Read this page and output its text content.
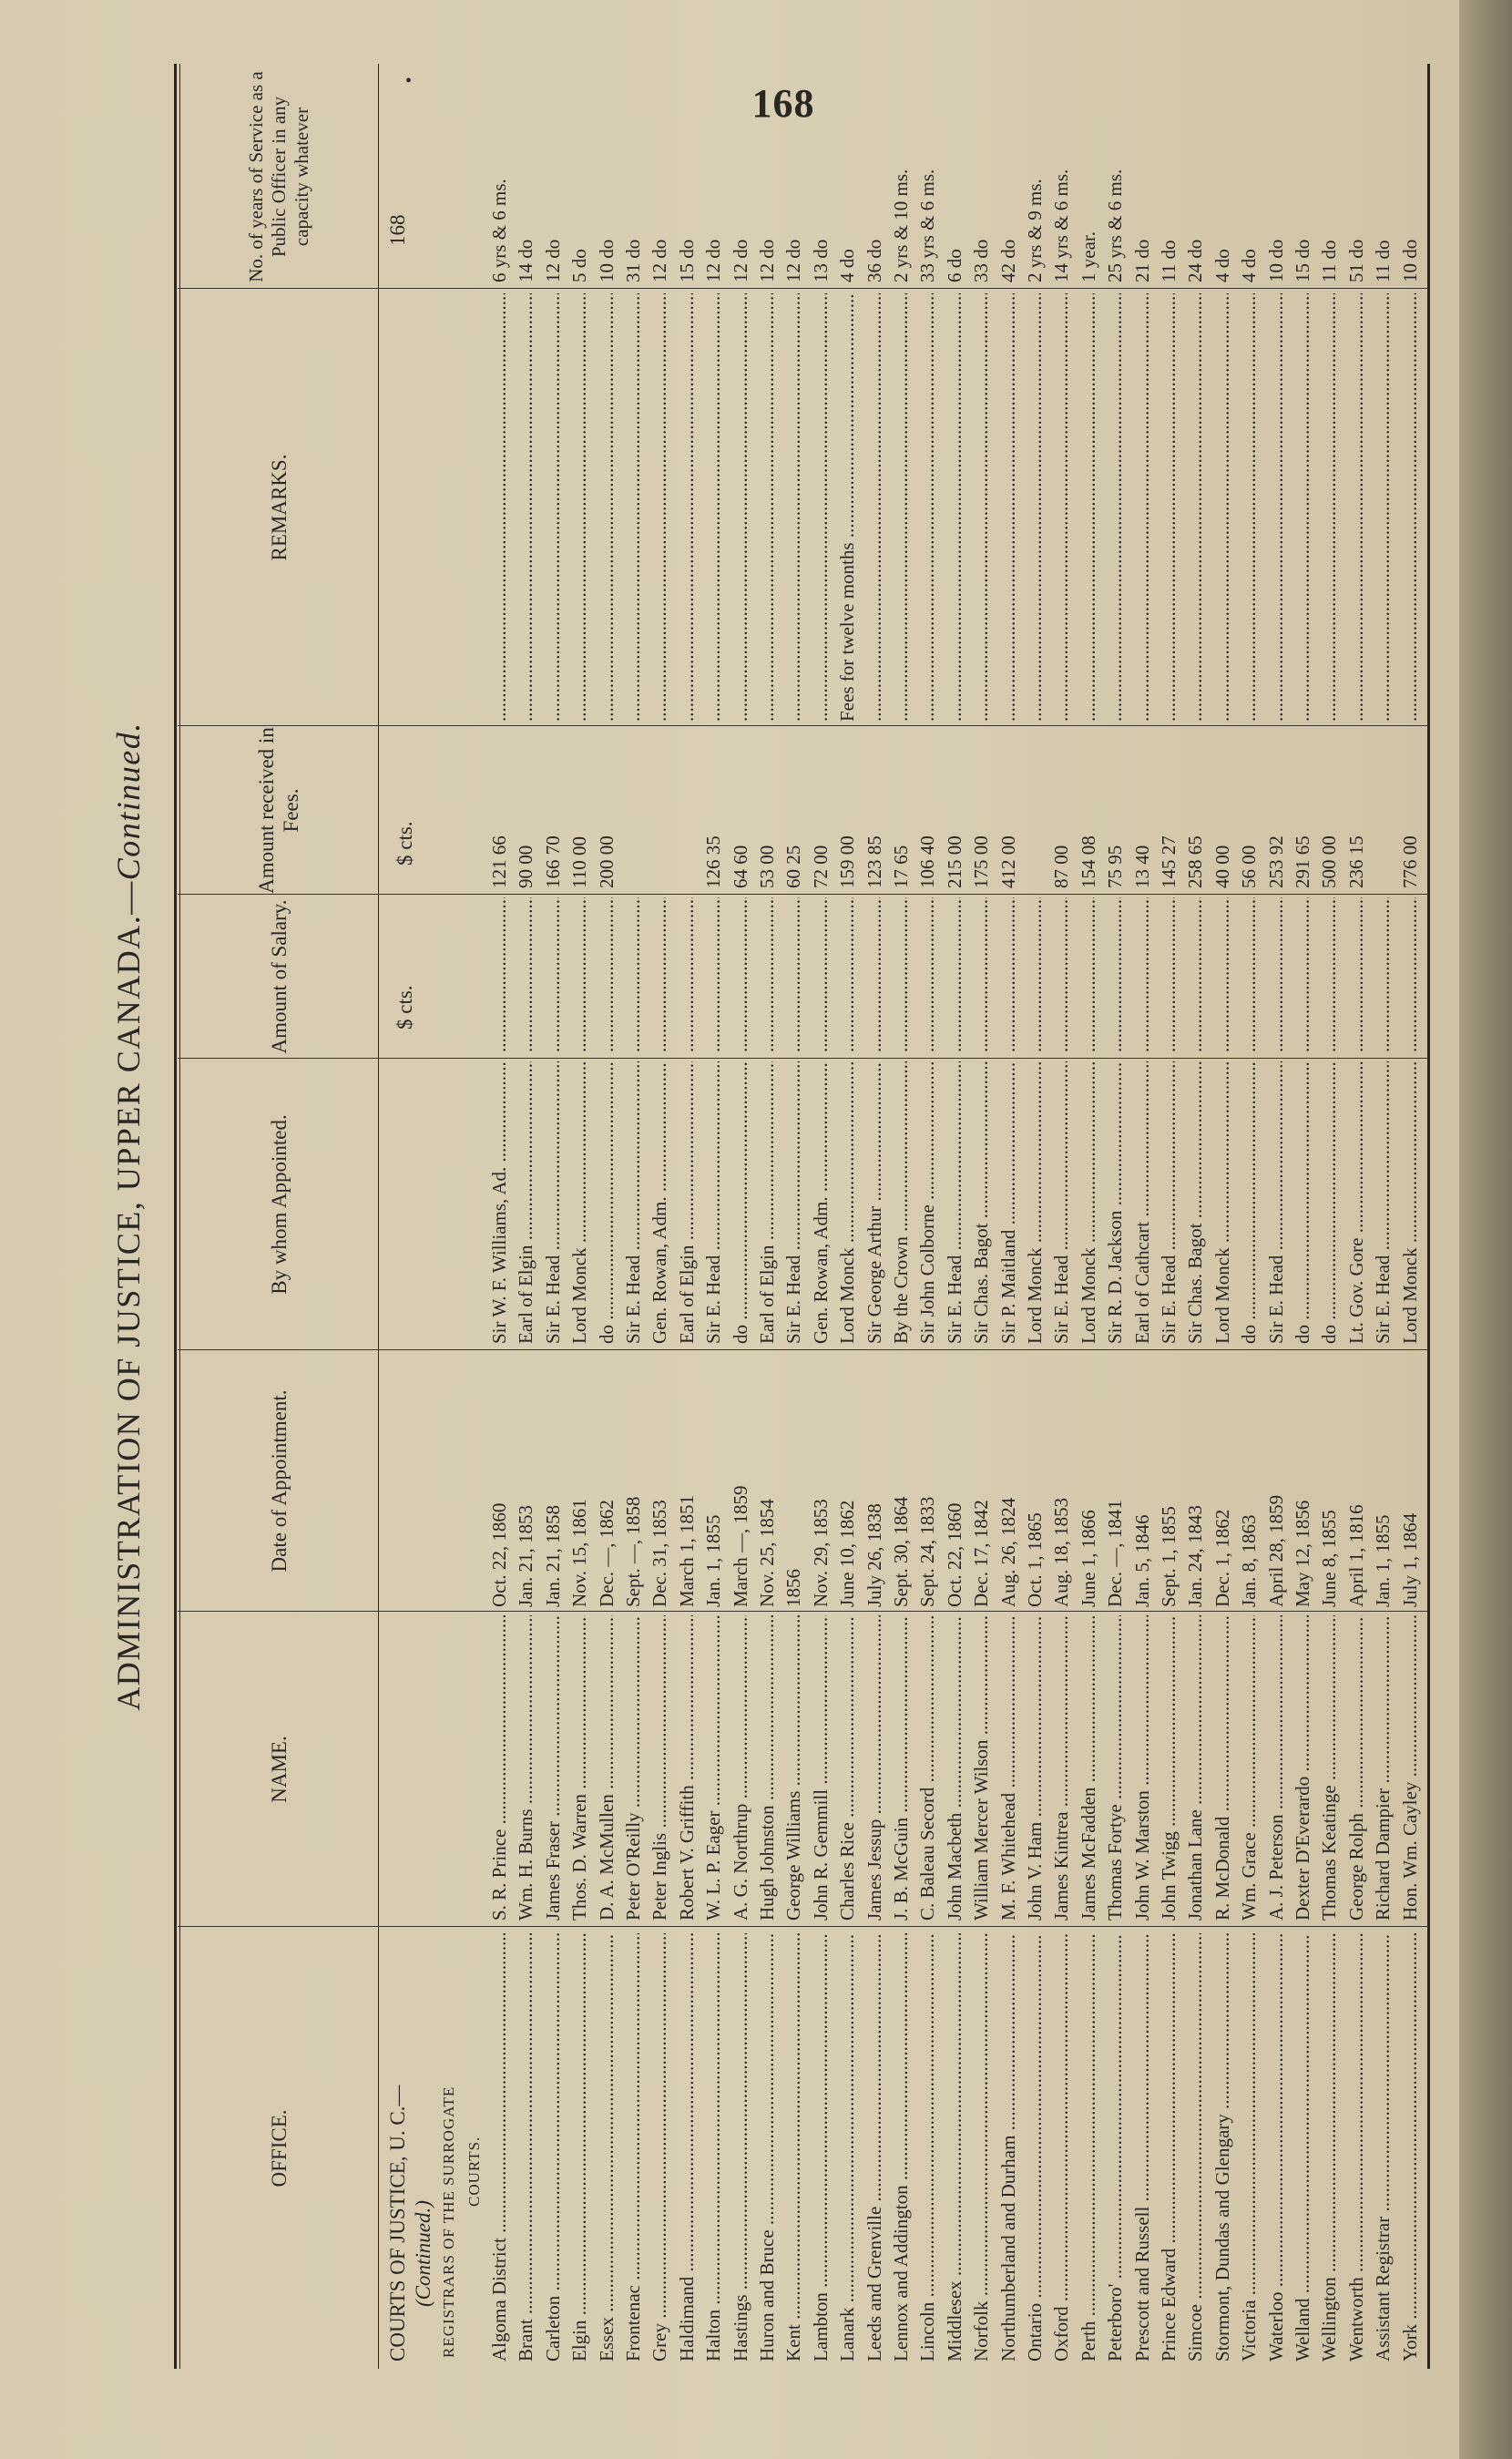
•	168
ADMINISTRATION OF JUSTICE, UPPER CANADA.—Continued.
OFFICE.
NAME.
Date of Appointment.
By whom Appointed.
Amount of Salary.
Amount received in Fees.
REMARKS.
No. of years of Service as a Public Officer in any capacity whatever
COURTS OF JUSTICE, U. C.— (Continued.) REGISTRARS OF THE SURROGATE COURTS.
$ cts.
$ cts.
168
Algoma District .....
S. R. Prince .....
Oct. 22, 1860
Sir W. F. Williams, Ad. .....
.....
121 66
.....
6 yrs & 6 ms.
Brant .....
Wm. H. Burns .....
Jan. 21, 1853
Earl of Elgin .....
.....
90 00
.....
14 do
Carleton .....
James Fraser .....
Jan. 21, 1858
Sir E. Head .....
.....
166 70
.....
12 do
Elgin .....
Thos. D. Warren .....
Nov. 15, 1861
Lord Monck .....
.....
110 00
.....
5 do
Essex .....
D. A. McMullen .....
Dec. —, 1862
do .....
.....
200 00
.....
10 do
Frontenac .....
Peter O'Reilly .....
Sept. —, 1858
Sir E. Head .....
.....
.....
31 do
Grey .....
Peter Inglis .....
Dec. 31, 1853
Gen. Rowan, Adm. .....
.....
.....
12 do
Haldimand .....
Robert V. Griffith .....
March 1, 1851
Earl of Elgin .....
.....
.....
15 do
Halton .....
W. L. P. Eager .....
Jan. 1, 1855
Sir E. Head .....
.....
126 35
.....
12 do
Hastings .....
A. G. Northrup .....
March —, 1859
do .....
.....
64 60
.....
12 do
Huron and Bruce .....
Hugh Johnston .....
Nov. 25, 1854
Earl of Elgin .....
.....
53 00
.....
12 do
Kent .....
George Williams .....
1856
Sir E. Head .....
.....
60 25
.....
12 do
Lambton .....
John R. Gemmill .....
Nov. 29, 1853
Gen. Rowan, Adm. .....
.....
72 00
.....
13 do
Lanark .....
Charles Rice .....
June 10, 1862
Lord Monck .....
.....
159 00
Fees for twelve months .....
4 do
Leeds and Grenville .....
James Jessup .....
July 26, 1838
Sir George Arthur .....
.....
123 85
.....
36 do
Lennox and Addington .....
J. B. McGuin .....
Sept. 30, 1864
By the Crown .....
.....
17 65
.....
2 yrs & 10 ms.
Lincoln .....
C. Baleau Secord .....
Sept. 24, 1833
Sir John Colborne .....
.....
106 40
.....
33 yrs & 6 ms.
Middlesex .....
John Macbeth .....
Oct. 22, 1860
Sir E. Head .....
.....
215 00
.....
6 do
Norfolk .....
William Mercer Wilson .....
Dec. 17, 1842
Sir Chas. Bagot .....
.....
175 00
.....
33 do
Northumberland and Durham .....
M. F. Whitehead .....
Aug. 26, 1824
Sir P. Maitland .....
.....
412 00
.....
42 do
Ontario .....
John V. Ham .....
Oct. 1, 1865
Lord Monck .....
.....
.....
2 yrs & 9 ms.
Oxford .....
James Kintrea .....
Aug. 18, 1853
Sir E. Head .....
.....
87 00
.....
14 yrs & 6 ms.
Perth .....
James McFadden .....
June 1, 1866
Lord Monck .....
.....
154 08
.....
1 year.
Peterboro' .....
Thomas Fortye .....
Dec. —, 1841
Sir R. D. Jackson .....
.....
75 95
.....
25 yrs & 6 ms.
Prescott and Russell .....
John W. Marston .....
Jan. 5, 1846
Earl of Cathcart .....
.....
13 40
.....
21 do
Prince Edward .....
John Twigg .....
Sept. 1, 1855
Sir E. Head .....
.....
145 27
.....
11 do
Simcoe .....
Jonathan Lane .....
Jan. 24, 1843
Sir Chas. Bagot .....
.....
258 65
.....
24 do
Stormont, Dundas and Glengary .....
R. McDonald .....
Dec. 1, 1862
Lord Monck .....
.....
40 00
.....
4 do
Victoria .....
Wm. Grace .....
Jan. 8, 1863
do .....
.....
56 00
.....
4 do
Waterloo .....
A. J. Peterson .....
April 28, 1859
Sir E. Head .....
.....
253 92
.....
10 do
Welland .....
Dexter D'Everardo .....
May 12, 1856
do .....
.....
291 65
.....
15 do
Wellington .....
Thomas Keatinge .....
June 8, 1855
do .....
.....
500 00
.....
11 do
Wentworth .....
George Rolph .....
April 1, 1816
Lt. Gov. Gore .....
.....
236 15
.....
51 do
Assistant Registrar .....
Richard Dampier .....
Jan. 1, 1855
Sir E. Head .....
.....
.....
11 do
York .....
Hon. Wm. Cayley .....
July 1, 1864
Lord Monck .....
.....
776 00
.....
10 do
